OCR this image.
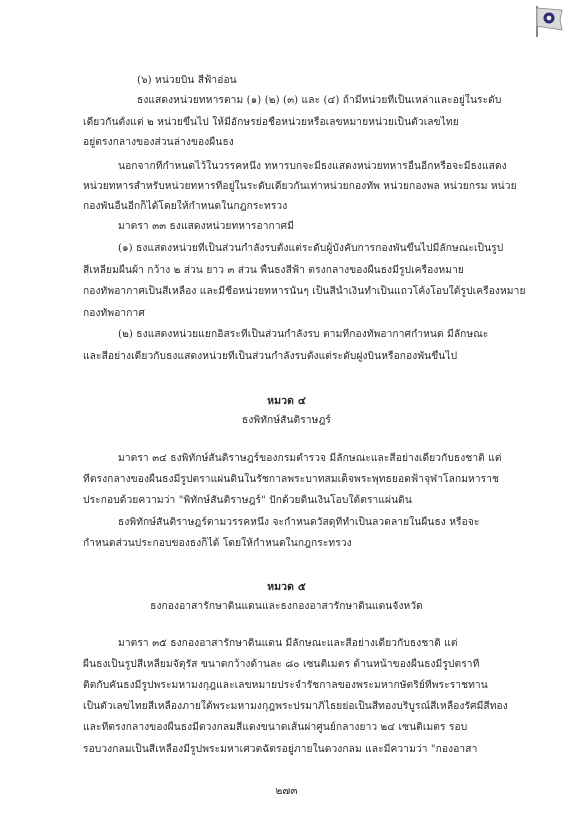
(๖) หน่วยบิน สีฟ้าอ่อน
ธงแสดงหน่วยทหารตาม (๑) (๒) (๓) และ (๔) ถ้ามีหน่วยที่เป็นเหล่าและอยู่ในระดับ
เดียวกันตั้งแต่ ๒ หน่วยขึ้นไป ให้มีอักษรย่อชื่อหน่วยหรือเลขหมายหน่วยเป็นตัวเลขไทย
อยู่ตรงกลางของส่วนล่างของผืนธง
นอกจากที่กำหนดไว้ในวรรคหนึ่ง ทหารบกจะมีธงแสดงหน่วยทหารอื่นอีกหรือจะมีธงแสดง
หน่วยทหารสำหรับหน่วยทหารที่อยู่ในระดับเดียวกันเท่าหน่วยกองทัพ หน่วยกองพล หน่วยกรม หน่วย
กองพันอื่นอีกก็ได้โดยให้กำหนดในกฎกระทรวง
มาตรา ๓๓ ธงแสดงหน่วยทหารอากาศมี
(๑) ธงแสดงหน่วยที่เป็นส่วนกำลังรบตั้งแต่ระดับผู้บังคับการกองพันขึ้นไปมีลักษณะเป็นรูป
สี่เหลี่ยมผืนผ้า กว้าง ๒ ส่วน ยาว ๓ ส่วน พื้นธงสีฟ้า ตรงกลางของผืนธงมีรูปเครื่องหมาย
กองทัพอากาศเป็นสีเหลือง และมีชื่อหน่วยทหารนั้นๆ เป็นสีน้ำเงินทำเป็นแถวโค้งโอบใต้รูปเครื่องหมาย
กองทัพอากาศ
(๒) ธงแสดงหน่วยแยกอิสระที่เป็นส่วนกำลังรบ ตามที่กองทัพอากาศกำหนด มีลักษณะ
และสีอย่างเดียวกับธงแสดงหน่วยที่เป็นส่วนกำลังรบตั้งแต่ระดับฝูงบินหรือกองพันขึ้นไป
หมวด ๔
ธงพิทักษ์สันติราษฎร์
มาตรา ๓๔ ธงพิทักษ์สันติราษฎร์ของกรมตำรวจ มีลักษณะและสีอย่างเดียวกับธงชาติ แต่
ที่ตรงกลางของผืนธงมีรูปตราแผ่นดินในรัชกาลพระบาทสมเด็จพระพุทธยอดฟ้าจุฬาโลกมหาราช
ประกอบด้วยความว่า "พิทักษ์สันติราษฎร์" ปักด้วยดิ้นเงินโอบใต้ตราแผ่นดิน
ธงพิทักษ์สันติราษฎร์ตามวรรคหนึ่ง จะกำหนดวัสดุที่ทำเป็นลวดลายในผืนธง หรือจะ
กำหนดส่วนประกอบของธงก็ได้ โดยให้กำหนดในกฎกระทรวง
หมวด ๕
ธงกองอาสารักษาดินแดนและธงกองอาสารักษาดินแดนจังหวัด
มาตรา ๓๕ ธงกองอาสารักษาดินแดน มีลักษณะและสีอย่างเดียวกับธงชาติ แต่
ผืนธงเป็นรูปสี่เหลี่ยมจัตุรัส ขนาดกว้างด้านละ ๘๐ เซนติเมตร ด้านหน้าของผืนธงมีรูปตราที่
ติดกับคันธงมีรูปพระมหามงกุฎและเลขหมายประจำรัชกาลของพระมหากษัตริย์ที่พระราชทาน
เป็นตัวเลขไทยสีเหลืองภายใต้พระมหามงกุฎพระปรมาภิไธยย่อเป็นสีทองบริบูรณ์สีเหลืองรัศมีสีทอง
และที่ตรงกลางของผืนธงมีดวงกลมสีแดงขนาดเส้นผ่าศูนย์กลางยาว ๒๔ เซนติเมตร รอบ
รอบวงกลมเป็นสีเหลืองมีรูปพระมหาเศวตฉัตรอยู่ภายในดวงกลม และมีความว่า "กองอาสา
๒๗๓
